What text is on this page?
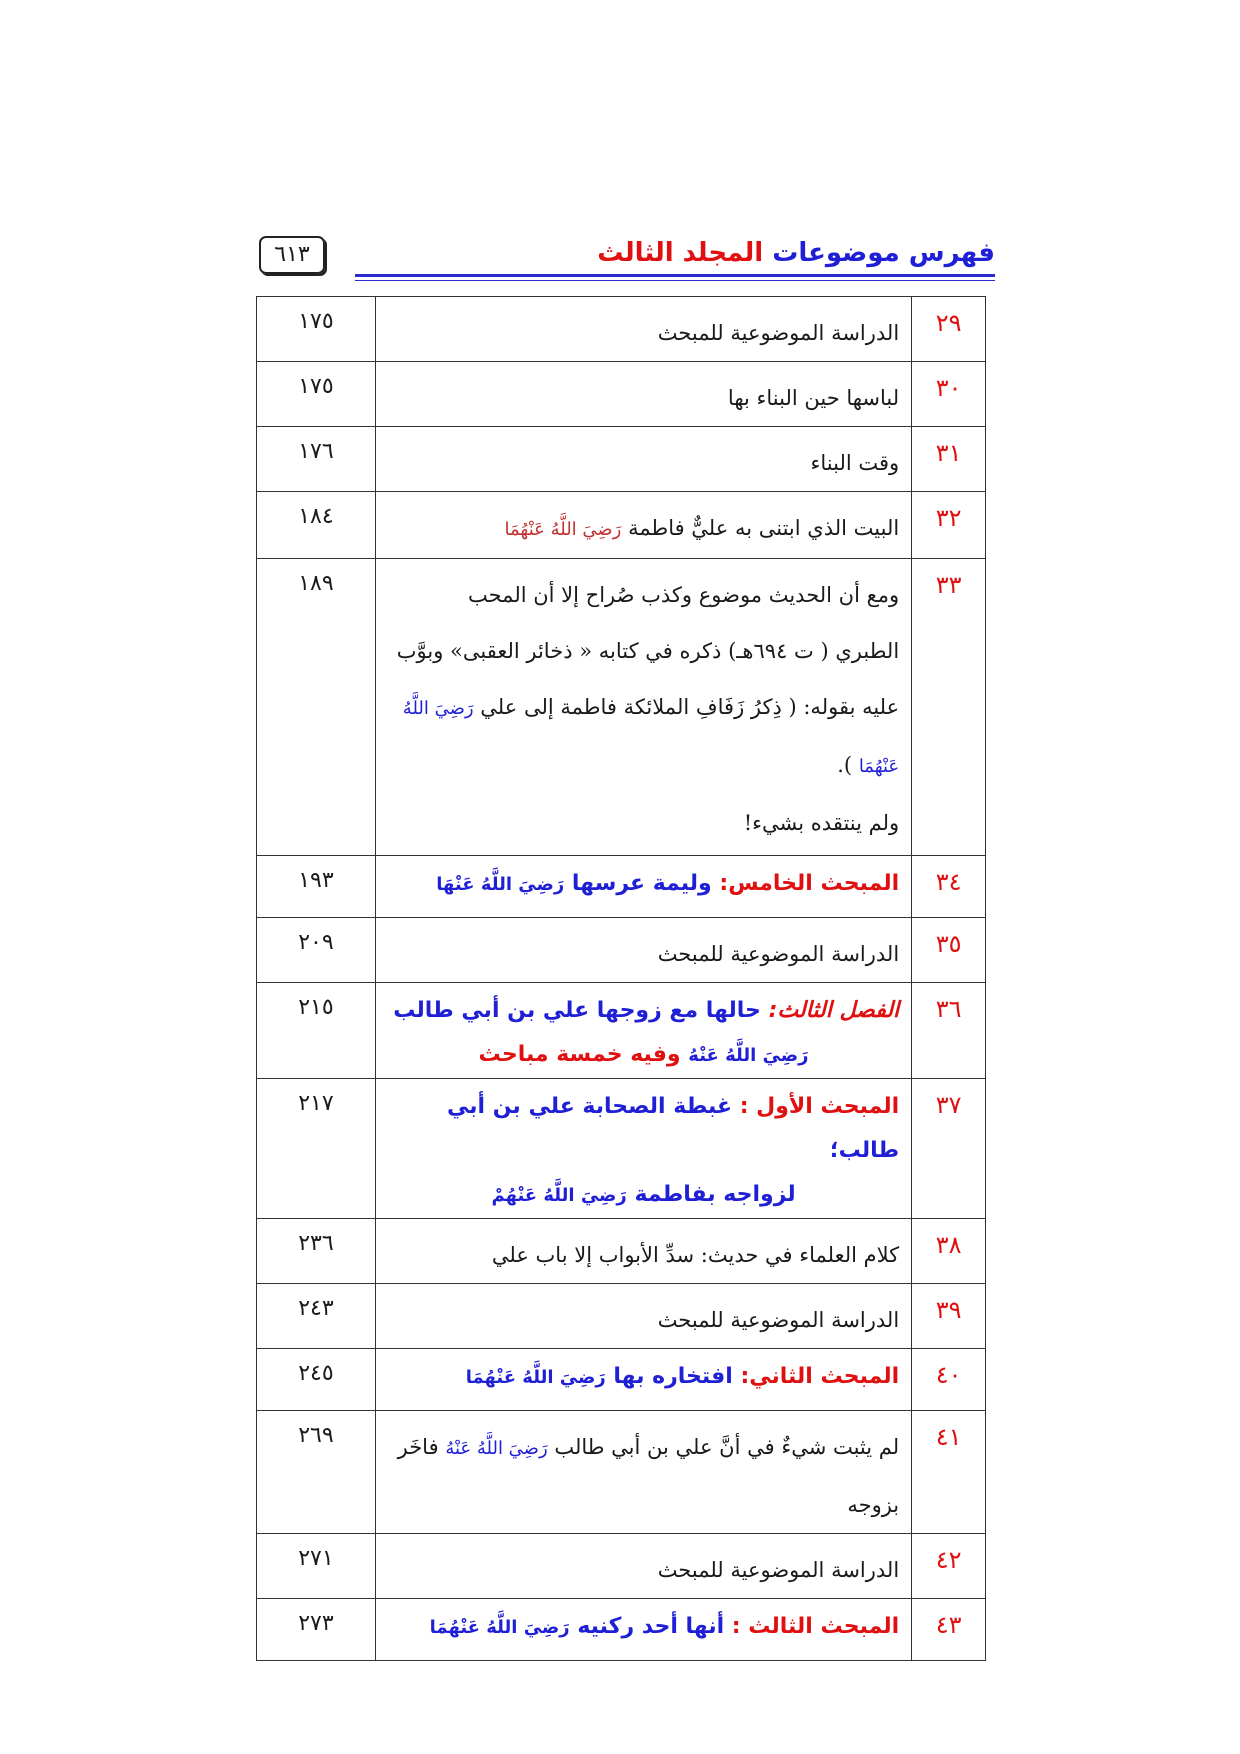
فهرس موضوعات المجلد الثالث
٦١٣
٢٩	الدراسة الموضوعية للمبحث	١٧٥
٣٠	لباسها حين البناء بها	١٧٥
٣١	وقت البناء	١٧٦
٣٢	البيت الذي ابتنى به عليٌّ فاطمة رَضِيَ اللَّهُ عَنْهُمَا	١٨٤
٣٣	ومع أن الحديث موضوع وكذب صُراح إلا أن المحب
الطبري ( ت ٦٩٤هـ) ذكره في كتابه « ذخائر العقبى» وبوَّب
عليه بقوله: ( ذِكرُ زَفَافِ الملائكة فاطمة إلى علي رَضِيَ اللَّهُ عَنْهُمَا ).
ولم ينتقده بشيء!	١٨٩
٣٤	المبحث الخامس: وليمة عرسها رَضِيَ اللَّهُ عَنْهَا	١٩٣
٣٥	الدراسة الموضوعية للمبحث	٢٠٩
٣٦	الفصل الثالث: حالها مع زوجها علي بن أبي طالب
رَضِيَ اللَّهُ عَنْهُ وفيه خمسة مباحث	٢١٥
٣٧	المبحث الأول : غبطة الصحابة علي بن أبي طالب؛
لزواجه بفاطمة رَضِيَ اللَّهُ عَنْهُمْ	٢١٧
٣٨	كلام العلماء في حديث: سدِّ الأبواب إلا باب علي	٢٣٦
٣٩	الدراسة الموضوعية للمبحث	٢٤٣
٤٠	المبحث الثاني: افتخاره بها رَضِيَ اللَّهُ عَنْهُمَا	٢٤٥
٤١	لم يثبت شيءٌ في أنَّ علي بن أبي طالب رَضِيَ اللَّهُ عَنْهُ فاخَر بزوجه	٢٦٩
٤٢	الدراسة الموضوعية للمبحث	٢٧١
٤٣	المبحث الثالث : أنها أحد ركنيه رَضِيَ اللَّهُ عَنْهُمَا	٢٧٣
